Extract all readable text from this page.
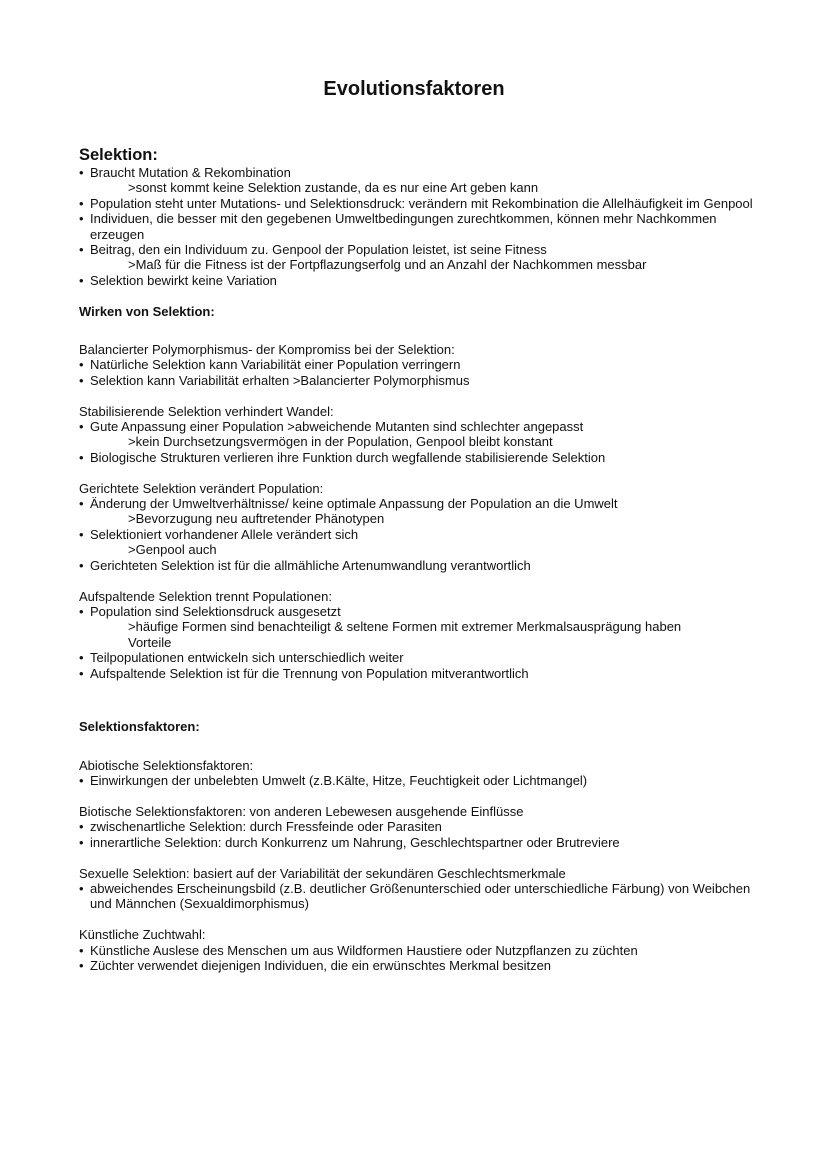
Evolutionsfaktoren
Selektion:
• Braucht Mutation & Rekombination
>sonst kommt keine Selektion zustande, da es nur eine Art geben kann
• Population steht unter Mutations- und Selektionsdruck: verändern mit Rekombination die Allelhäufigkeit im Genpool
• Individuen, die besser mit den gegebenen Umweltbedingungen zurechtkommen, können mehr Nachkommen erzeugen
• Beitrag, den ein Individuum zu. Genpool der Population leistet, ist seine Fitness
>Maß für die Fitness ist der Fortpflazungserfolg und an Anzahl der Nachkommen messbar
• Selektion bewirkt keine Variation
Wirken von Selektion:
Balancierter Polymorphismus- der Kompromiss bei der Selektion:
• Natürliche Selektion kann Variabilität einer Population verringern
• Selektion kann Variabilität erhalten >Balancierter Polymorphismus
Stabilisierende Selektion verhindert Wandel:
• Gute Anpassung einer Population >abweichende Mutanten sind schlechter angepasst
>kein Durchsetzungsvermögen in der Population, Genpool bleibt konstant
• Biologische Strukturen verlieren ihre Funktion durch wegfallende stabilisierende Selektion
Gerichtete Selektion verändert Population:
• Änderung der Umweltverhältnisse/ keine optimale Anpassung der Population an die Umwelt
>Bevorzugung neu auftretender Phänotypen
• Selektioniert vorhandener Allele verändert sich
>Genpool auch
• Gerichteten Selektion ist für die allmähliche Artenumwandlung verantwortlich
Aufspaltende Selektion trennt Populationen:
• Population sind Selektionsdruck ausgesetzt
>häufige Formen sind benachteiligt & seltene Formen mit extremer Merkmalsausprägung haben
Vorteile
• Teilpopulationen entwickeln sich unterschiedlich weiter
• Aufspaltende Selektion ist für die Trennung von Population mitverantwortlich
Selektionsfaktoren:
Abiotische Selektionsfaktoren:
• Einwirkungen der unbelebten Umwelt (z.B.Kälte, Hitze, Feuchtigkeit oder Lichtmangel)
Biotische Selektionsfaktoren: von anderen Lebewesen ausgehende Einflüsse
• zwischenartliche Selektion: durch Fressfeinde oder Parasiten
• innerartliche Selektion: durch Konkurrenz um Nahrung, Geschlechtspartner oder Brutreviere
Sexuelle Selektion: basiert auf der Variabilität der sekundären Geschlechtsmerkmale
• abweichendes Erscheinungsbild (z.B. deutlicher Größenunterschied oder unterschiedliche Färbung) von Weibchen und Männchen (Sexualdimorphismus)
Künstliche Zuchtwahl:
• Künstliche Auslese des Menschen um aus Wildformen Haustiere oder Nutzpflanzen zu züchten
• Züchter verwendet diejenigen Individuen, die ein erwünschtes Merkmal besitzen
